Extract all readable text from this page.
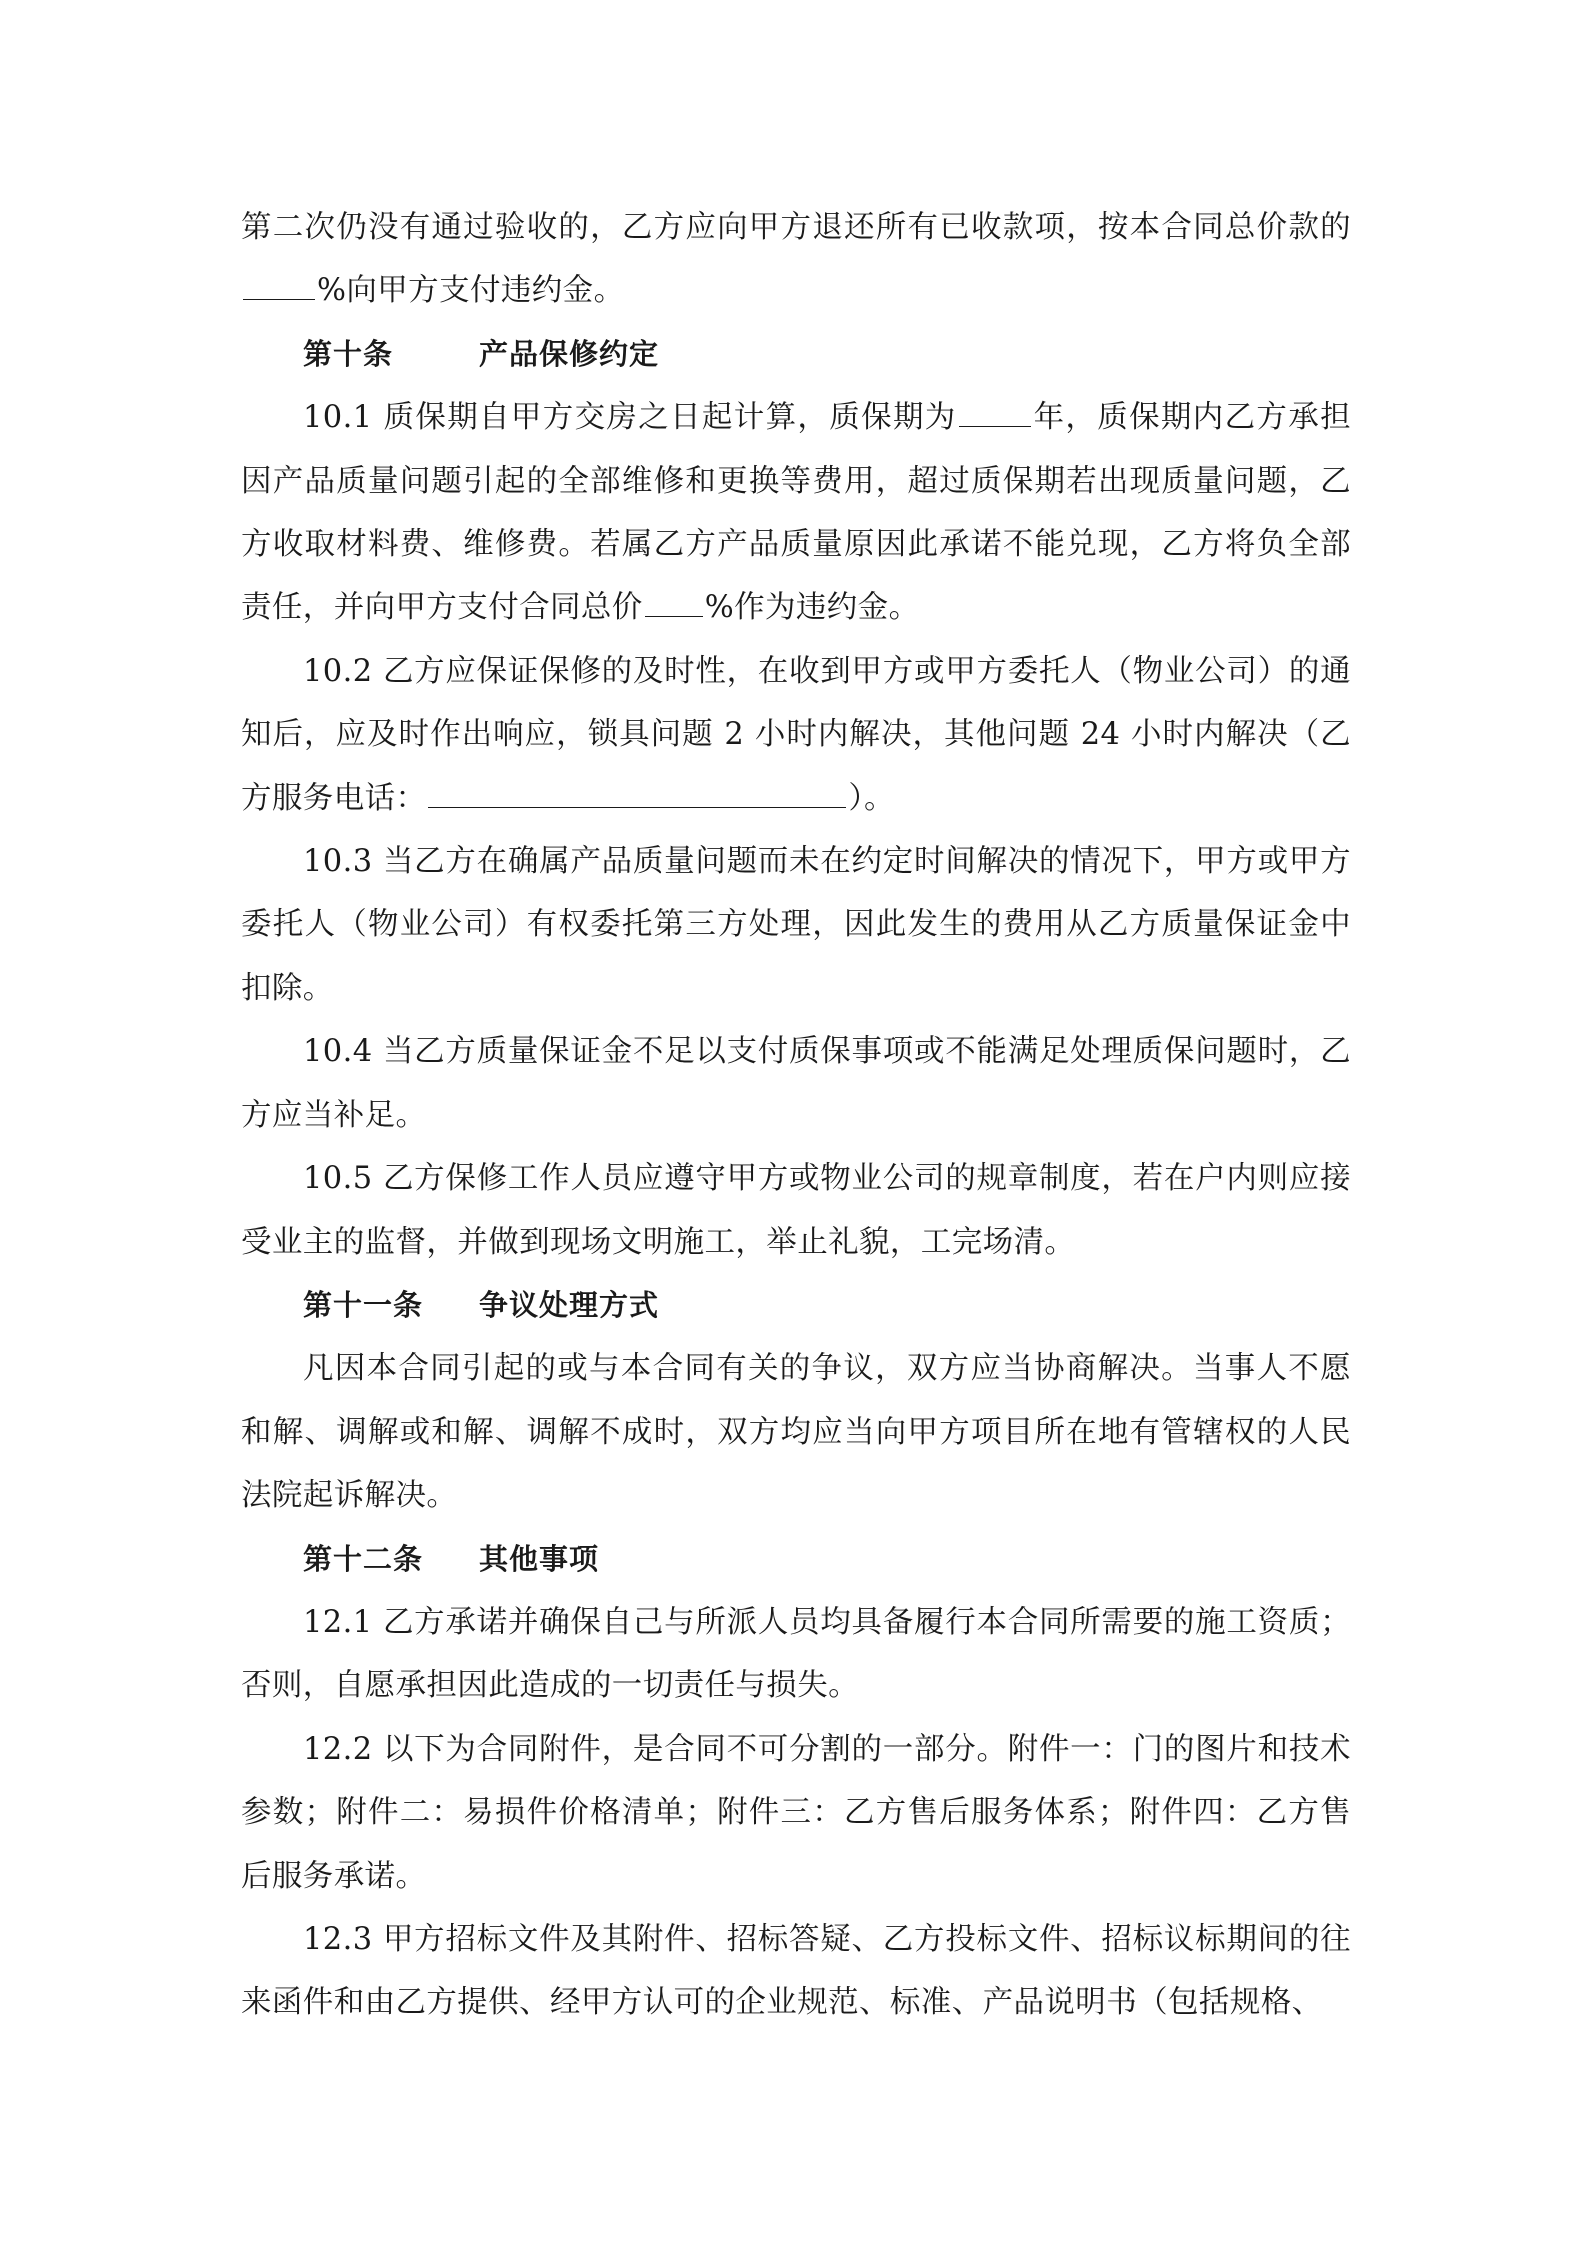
第二次仍没有通过验收的，乙方应向甲方退还所有已收款项，按本合同总价款的%向甲方支付违约金。

第十条	产品保修约定

10.1 质保期自甲方交房之日起计算，质保期为 年，质保期内乙方承担因产品质量问题引起的全部维修和更换等费用，超过质保期若出现质量问题，乙方收取材料费、维修费。若属乙方产品质量原因此承诺不能兑现，乙方将负全部责任，并向甲方支付合同总价 %作为违约金。

10.2 乙方应保证保修的及时性，在收到甲方或甲方委托人（物业公司）的通知后，应及时作出响应，锁具问题 2 小时内解决，其他问题 24 小时内解决（乙方服务电话：	）。

10.3 当乙方在确属产品质量问题而未在约定时间解决的情况下，甲方或甲方委托人（物业公司）有权委托第三方处理，因此发生的费用从乙方质量保证金中扣除。

10.4 当乙方质量保证金不足以支付质保事项或不能满足处理质保问题时，乙方应当补足。

10.5 乙方保修工作人员应遵守甲方或物业公司的规章制度，若在户内则应接受业主的监督，并做到现场文明施工，举止礼貌，工完场清。

第十一条 争议处理方式

凡因本合同引起的或与本合同有关的争议，双方应当协商解决。当事人不愿和解、调解或和解、调解不成时，双方均应当向甲方项目所在地有管辖权的人民法院起诉解决。

第十二条 其他事项

12.1 乙方承诺并确保自己与所派人员均具备履行本合同所需要的施工资质；否则，自愿承担因此造成的一切责任与损失。

12.2 以下为合同附件，是合同不可分割的一部分。附件一：门的图片和技术参数；附件二：易损件价格清单；附件三：乙方售后服务体系；附件四：乙方售后服务承诺。

12.3 甲方招标文件及其附件、招标答疑、乙方投标文件、招标议标期间的往来函件和由乙方提供、经甲方认可的企业规范、标准、产品说明书（包括规格、
